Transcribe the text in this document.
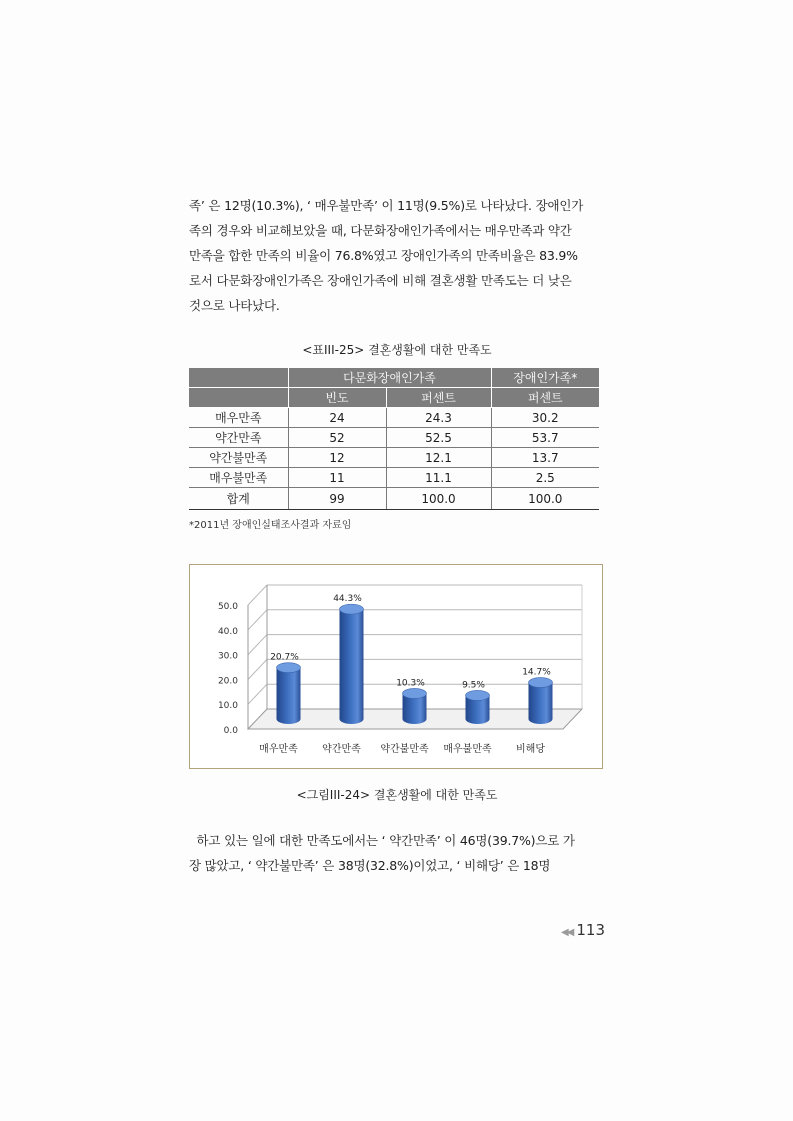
족’ 은 12명(10.3%), ‘ 매우불만족’ 이 11명(9.5%)로 나타났다. 장애인가
족의 경우와 비교해보았을 때, 다문화장애인가족에서는 매우만족과 약간
만족을 합한 만족의 비율이 76.8%였고 장애인가족의 만족비율은 83.9%
로서 다문화장애인가족은 장애인가족에 비해 결혼생활 만족도는 더 낮은
것으로 나타났다.
<표III-25> 결혼생활에 대한 만족도
	다문화장애인가족		장애인가족*
	빈도	퍼센트	퍼센트
매우만족	24	24.3	30.2
약간만족	52	52.5	53.7
약간불만족	12	12.1	13.7
매우불만족	11	11.1	2.5
합계	99	100.0	100.0
*2011년 장애인실태조사결과 자료임
0.0
10.0
20.0
30.0
40.0
50.0
20.7%
매우만족
44.3%
약간만족
10.3%
약간불만족
9.5%
매우불만족
14.7%
비해당
<그림III-24> 결혼생활에 대한 만족도
하고 있는 일에 대한 만족도에서는 ‘ 약간만족’ 이 46명(39.7%)으로 가
장 많았고, ‘ 약간불만족’ 은 38명(32.8%)이었고, ‘ 비해당’ 은 18명
◀◀ 113
